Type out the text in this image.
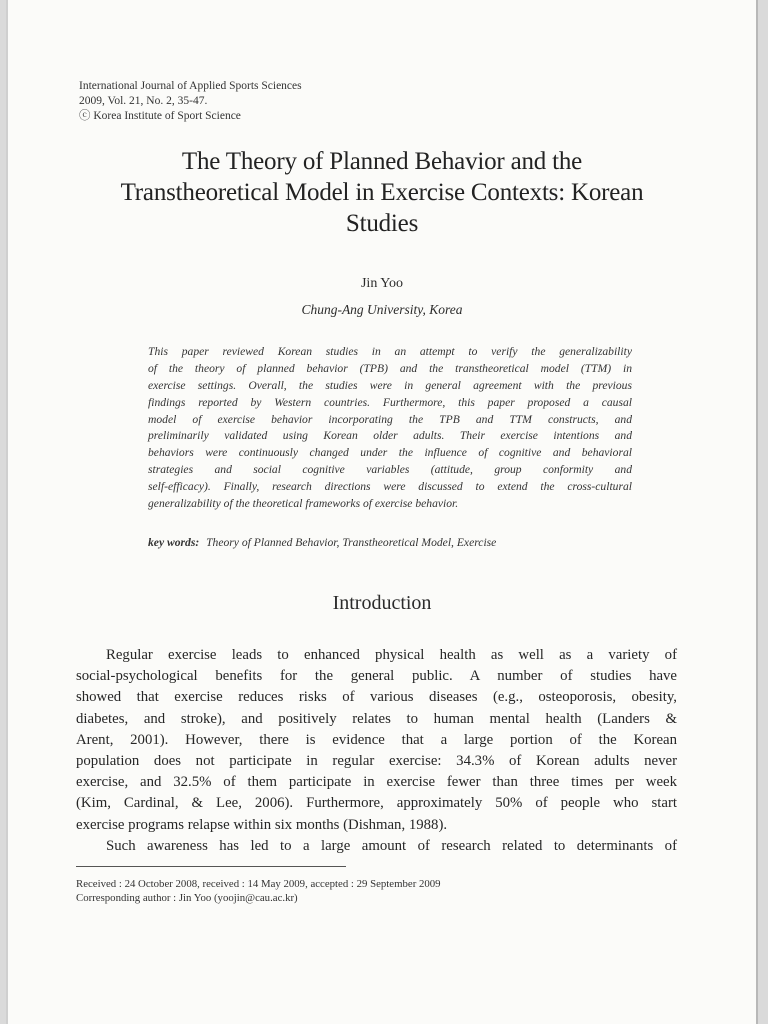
International Journal of Applied Sports Sciences
2009, Vol. 21, No. 2, 35-47.
ⓒ Korea Institute of Sport Science
The Theory of Planned Behavior and the
Transtheoretical Model in Exercise Contexts: Korean
Studies
Jin Yoo
Chung-Ang University, Korea
This paper reviewed Korean studies in an attempt to verify the generalizability
of the theory of planned behavior (TPB) and the transtheoretical model (TTM) in
exercise settings. Overall, the studies were in general agreement with the previous
findings reported by Western countries. Furthermore, this paper proposed a causal
model of exercise behavior incorporating the TPB and TTM constructs, and
preliminarily validated using Korean older adults. Their exercise intentions and
behaviors were continuously changed under the influence of cognitive and behavioral
strategies and social cognitive variables (attitude, group conformity and
self-efficacy). Finally, research directions were discussed to extend the cross-cultural
generalizability of the theoretical frameworks of exercise behavior.
key words: Theory of Planned Behavior, Transtheoretical Model, Exercise
Introduction
Regular exercise leads to enhanced physical health as well as a variety of
social-psychological benefits for the general public. A number of studies have
showed that exercise reduces risks of various diseases (e.g., osteoporosis, obesity,
diabetes, and stroke), and positively relates to human mental health (Landers &
Arent, 2001). However, there is evidence that a large portion of the Korean
population does not participate in regular exercise: 34.3% of Korean adults never
exercise, and 32.5% of them participate in exercise fewer than three times per week
(Kim, Cardinal, & Lee, 2006). Furthermore, approximately 50% of people who start
exercise programs relapse within six months (Dishman, 1988).
Such awareness has led to a large amount of research related to determinants of
Received : 24 October 2008, received : 14 May 2009, accepted : 29 September 2009
Corresponding author : Jin Yoo (yoojin@cau.ac.kr)
